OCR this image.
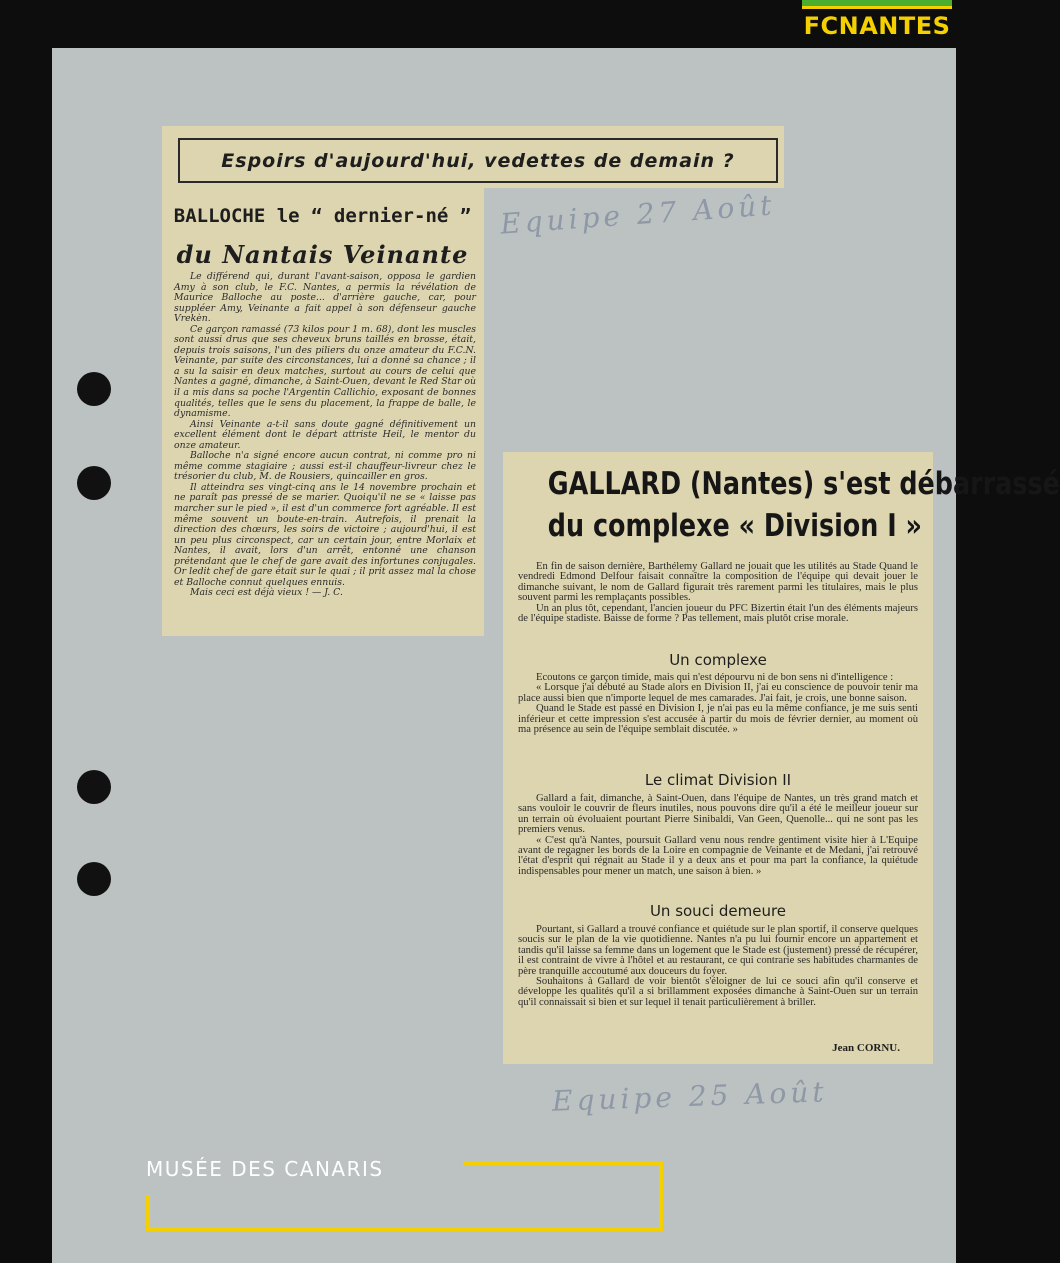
FCNANTES
Espoirs d'aujourd'hui, vedettes de demain ?
BALLOCHE le “ dernier-né ”
du Nantais Veinante

Le différend qui, durant l'avant-saison, opposa le gardien Amy à son club, le F.C. Nantes, a permis la révélation de Maurice Balloche au poste... d'arrière gauche, car, pour suppléer Amy, Veinante a fait appel à son défenseur gauche Vrekèn.

Ce garçon ramassé (73 kilos pour 1 m. 68), dont les muscles sont aussi drus que ses cheveux bruns taillés en brosse, était, depuis trois saisons, l'un des piliers du onze amateur du F.C.N. Veinante, par suite des circonstances, lui a donné sa chance ; il a su la saisir en deux matches, surtout au cours de celui que Nantes a gagné, dimanche, à Saint-Ouen, devant le Red Star où il a mis dans sa poche l'Argentin Callichio, exposant de bonnes qualités, telles que le sens du placement, la frappe de balle, le dynamisme.

Ainsi Veinante a-t-il sans doute gagné définitivement un excellent élément dont le départ attriste Heil, le mentor du onze amateur.

Balloche n'a signé encore aucun contrat, ni comme pro ni même comme stagiaire ; aussi est-il chauffeur-livreur chez le trésorier du club, M. de Rousiers, quincailler en gros.

Il atteindra ses vingt-cinq ans le 14 novembre prochain et ne paraît pas pressé de se marier. Quoiqu'il ne se « laisse pas marcher sur le pied », il est d'un commerce fort agréable. Il est même souvent un boute-en-train. Autrefois, il prenait la direction des chœurs, les soirs de victoire ; aujourd'hui, il est un peu plus circonspect, car un certain jour, entre Morlaix et Nantes, il avait, lors d'un arrêt, entonné une chanson prétendant que le chef de gare avait des infortunes conjugales. Or ledit chef de gare était sur le quai ; il prit assez mal la chose et Balloche connut quelques ennuis.

Mais ceci est déjà vieux ! — J. C.

Equipe 27 Août
GALLARD (Nantes) s'est débarrassé
du complexe « Division I »

En fin de saison dernière, Barthélemy Gallard ne jouait que les utilités au Stade Quand le vendredi Edmond Delfour faisait connaître la composition de l'équipe qui devait jouer le dimanche suivant, le nom de Gallard figurait très rarement parmi les titulaires, mais le plus souvent parmi les remplaçants possibles.

Un an plus tôt, cependant, l'ancien joueur du PFC Bizertin était l'un des éléments majeurs de l'équipe stadiste. Baisse de forme ? Pas tellement, mais plutôt crise morale.

Un complexe

Ecoutons ce garçon timide, mais qui n'est dépourvu ni de bon sens ni d'intelligence :

« Lorsque j'ai débuté au Stade alors en Division II, j'ai eu conscience de pouvoir tenir ma place aussi bien que n'importe lequel de mes camarades. J'ai fait, je crois, une bonne saison.

Quand le Stade est passé en Division I, je n'ai pas eu la même confiance, je me suis senti inférieur et cette impression s'est accusée à partir du mois de février dernier, au moment où ma présence au sein de l'équipe semblait discutée. »

Le climat Division II

Gallard a fait, dimanche, à Saint-Ouen, dans l'équipe de Nantes, un très grand match et sans vouloir le couvrir de fleurs inutiles, nous pouvons dire qu'il a été le meilleur joueur sur un terrain où évoluaient pourtant Pierre Sinibaldi, Van Geen, Quenolle... qui ne sont pas les premiers venus.

« C'est qu'à Nantes, poursuit Gallard venu nous rendre gentiment visite hier à L'Equipe avant de regagner les bords de la Loire en compagnie de Veinante et de Medani, j'ai retrouvé l'état d'esprit qui régnait au Stade il y a deux ans et pour ma part la confiance, la quiétude indispensables pour mener un match, une saison à bien. »

Un souci demeure

Pourtant, si Gallard a trouvé confiance et quiétude sur le plan sportif, il conserve quelques soucis sur le plan de la vie quotidienne. Nantes n'a pu lui fournir encore un appartement et tandis qu'il laisse sa femme dans un logement que le Stade est (justement) pressé de récupérer, il est contraint de vivre à l'hôtel et au restaurant, ce qui contrarie ses habitudes charmantes de père tranquille accoutumé aux douceurs du foyer.

Souhaitons à Gallard de voir bientôt s'éloigner de lui ce souci afin qu'il conserve et développe les qualités qu'il a si brillamment exposées dimanche à Saint-Ouen sur un terrain qu'il connaissait si bien et sur lequel il tenait particulièrement à briller.

Jean CORNU.
Equipe 25 Août
MUSÉE DES CANARIS
